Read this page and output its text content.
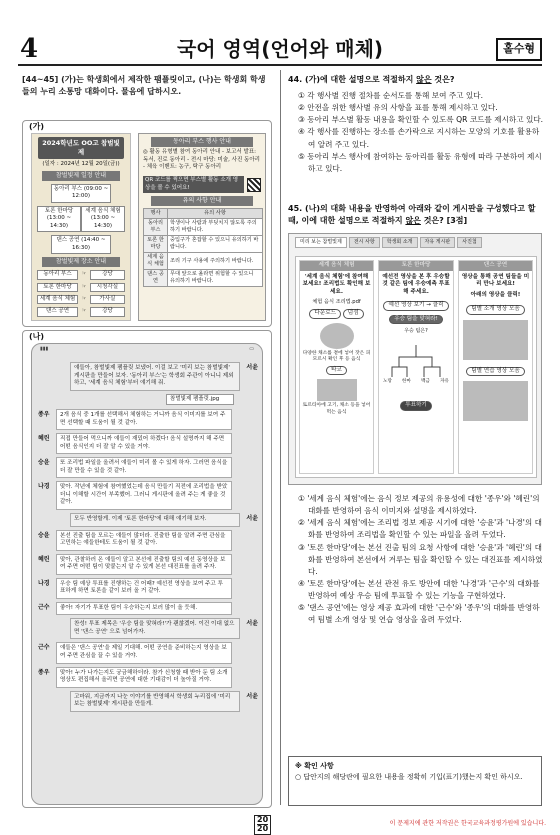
4	국어 영역(언어와 매체)	홀수형
[44~45] (가)는 학생회에서 제작한 팸플릿이고, (나)는 학생회 학생들의 누리 소통망 대화이다. 물음에 답하시오.
(가)
2024학년도 OO고 참벌빛제
(일자 : 2024년 12월 20일(금))
참벌빛제 일정 안내
동아리 부스 (09:00 ~ 12:00)
토론 한마당 (13:00 ~ 14:30)
세계 음식 체험 (13:00 ~ 14:30)
댄스 공연 (14:40 ~ 16:30)
참벌빛제 장소 안내
동아리 부스	☞	강당
토론 한마당	☞	시청각실
세계 음식 체험	☞	가사실
댄스 공연	☞	강당
동아리 부스 행사 안내
◎ 활동 유형별 참여 동아리 안내 - 보고서 발표: 독서, 진로 동아리 - 전시 마당: 미술, 사진 동아리 - 체육 이벤트: 농구, 탁구 동아리
QR 코드를 찍으면 부스별 활동 소개 영상을 볼 수 있어요!
유의 사항 안내
행사	유의 사항
동아리 부스	학생이나 사람과 부딪치지 않도록 주의하기 바랍니다.
토론 한마당	중입구가 혼잡할 수 있으니 유의하기 바랍니다.
세계 음식 체험	조리 기구 사용에 주의하기 바랍니다.
댄스 공연	무대 앞으로 올라면 위험할 수 있으니 유의하기 바랍니다.
(나)
▮▮▮	▭
얘들아, 참벌빛제 팸플릿 보냈어. 이걸 보고 '미리 보는 참벌빛제' 게시판을 만들어 보자. '동아리 부스'는 학생회 주관이 아니니 제외하고, '세계 음식 체험'부터 얘기해 줘.
서윤
참벌빛제 팸플릿.jpg
종우	2개 음식 중 1개를 선택해서 체험하는 거니까 음식 이미지를 보여 주면 선택할 때 도움이 될 것 같아.
혜린	직접 만들어 먹으니까 얘들이 재밌어 하겠다! 음식 설명까지 해 주면 어떤 음식인지 더 잘 알 수 있을 거야.
승윤	또 조리법 파일을 올려서 얘들이 미리 볼 수 있게 하자. 그러면 음식을 더 잘 만들 수 있을 것 같아.
나경	맞아. 작년에 체험에 참여했었는데 음식 만들기 직전에 조리법을 받았더니 이해할 시간이 부족했어. 그러니 게시판에 올려 주는 게 좋을 것 같아.
모두 반영할게. 이제 '토론 한마당'에 대해 얘기해 보자.	서윤
승윤	본선 진출 팀을 모르는 얘들이 많더라. 진출한 팀을 알려 주면 관심을 고민하는 얘들한테도 도움이 될 것 같아.
혜린	맞아, 관찰하러 온 얘들이 알고 본선에 진출할 팀의 예선 동영상을 보여 주면 어떤 팀이 맞붙는지 알 수 있게 본선 대진표를 올려 주자.
나경	우승 팀 예상 투표를 진행하는 건 어때? 예선전 영상을 보여 주고 투표하게 하면 토론을 같이 보러 올 거 같아.
근수	좋아! 자기가 투표한 팀이 우승하는지 보러 많이 올 듯해.
찬성! 투표 제목은 '우승 팀을 맞혀라!'가 괜찮겠어. 이건 이대 없으면 '댄스 공연' 으로 넘어가자.
서윤
근수	얘들은 '댄스 공연'을 제일 기대해. 어떤 공연을 준비하는지 영상을 보여 주면 관심을 끌 수 있을 거야.
종우	맞아! 누가 나가는지도 궁금해하더라. 참가 신청할 때 받아 둔 팀 소개 영상도 편집해서 올리면 공연에 대한 기대감이 더 높아질 거야.
고마워, 지금까지 나눈 이야기를 반영해서 학생회 누리집에 '미리 보는 참벌빛제' 게시판을 만들게.
서윤
44. (가)에 대한 설명으로 적절하지 않은 것은?
① 각 행사별 진행 절차를 순서도를 통해 보여 주고 있다.
② 안전을 위한 행사별 유의 사항을 표를 통해 제시하고 있다.
③ 동아리 부스별 활동 내용을 확인할 수 있도록 QR 코드를 제시하고 있다.
④ 각 행사를 진행하는 장소를 손가락으로 지시하는 모양의 기호를 활용하여 알려 주고 있다.
⑤ 동아리 부스 행사에 참여하는 동아리를 활동 유형에 따라 구분하여 제시하고 있다.
45. (나)의 대화 내용을 반영하여 아래와 같이 게시판을 구성했다고 할 때, 이에 대한 설명으로 적절하지 않은 것은? [3점]
미리 보는 참벌빛제	전시 사항	학생회 소개	자유 게시판	사진첩
세계 음식 체험
'세계 음식 체험'에 참여해 보세요! 조리법도 확인해 보세요.
체험 음식 조리법.pdf
다운로드 덤섬
다양한 채소를 곁에 넣어 잣은 피 모르시 확인 후 등 음식
타코
토르티아에 고기, 채소 등을 넣어 먹는 음식
토론 한마당
예선전 영상을 본 후 우승할 것 같은 팀에 우승예측 투표해 주세요.
예선 영상 보기 → 클릭 우승 팀을 맞혀라!
우승 팀은?
노랑 한마 백금 자유
투표하기
댄스 공연
영상을 통해 공연 팀들을 미리 만나 보세요!
아래의 영상을 클릭!
팀별 소개 영상 모음
팀별 연습 영상 모음
① '세계 음식 체험'에는 음식 정보 제공의 유용성에 대한 '종우'와 '혜린'의 대화를 반영하여 음식 이미지와 설명을 제시하였다.
② '세계 음식 체험'에는 조리법 정보 제공 시기에 대한 '승윤'과 '나경'의 대화를 반영하여 조리법을 확인할 수 있는 파일을 올려 두었다.
③ '토론 한마당'에는 본선 진출 팀의 요청 사항에 대한 '승윤'과 '혜린'의 대화를 반영하여 본선에서 겨루는 팀을 확인할 수 있는 대진표를 제시하였다.
④ '토론 한마당'에는 본선 관전 유도 방안에 대한 '나경'과 '근수'의 대화를 반영하여 예상 우승 팀에 투표할 수 있는 기능을 구현하였다.
⑤ '댄스 공연'에는 영상 제공 효과에 대한 '근수'와 '종우'의 대화를 반영하여 팀별 소개 영상 및 연습 영상을 올려 두었다.
※ 확인 사항
○ 답안지의 해당란에 필요한 내용을 정확히 기입(표기)했는지 확인 하시오.
20
20
이 문제지에 관한 저작권은 한국교육과정평가원에 있습니다.
